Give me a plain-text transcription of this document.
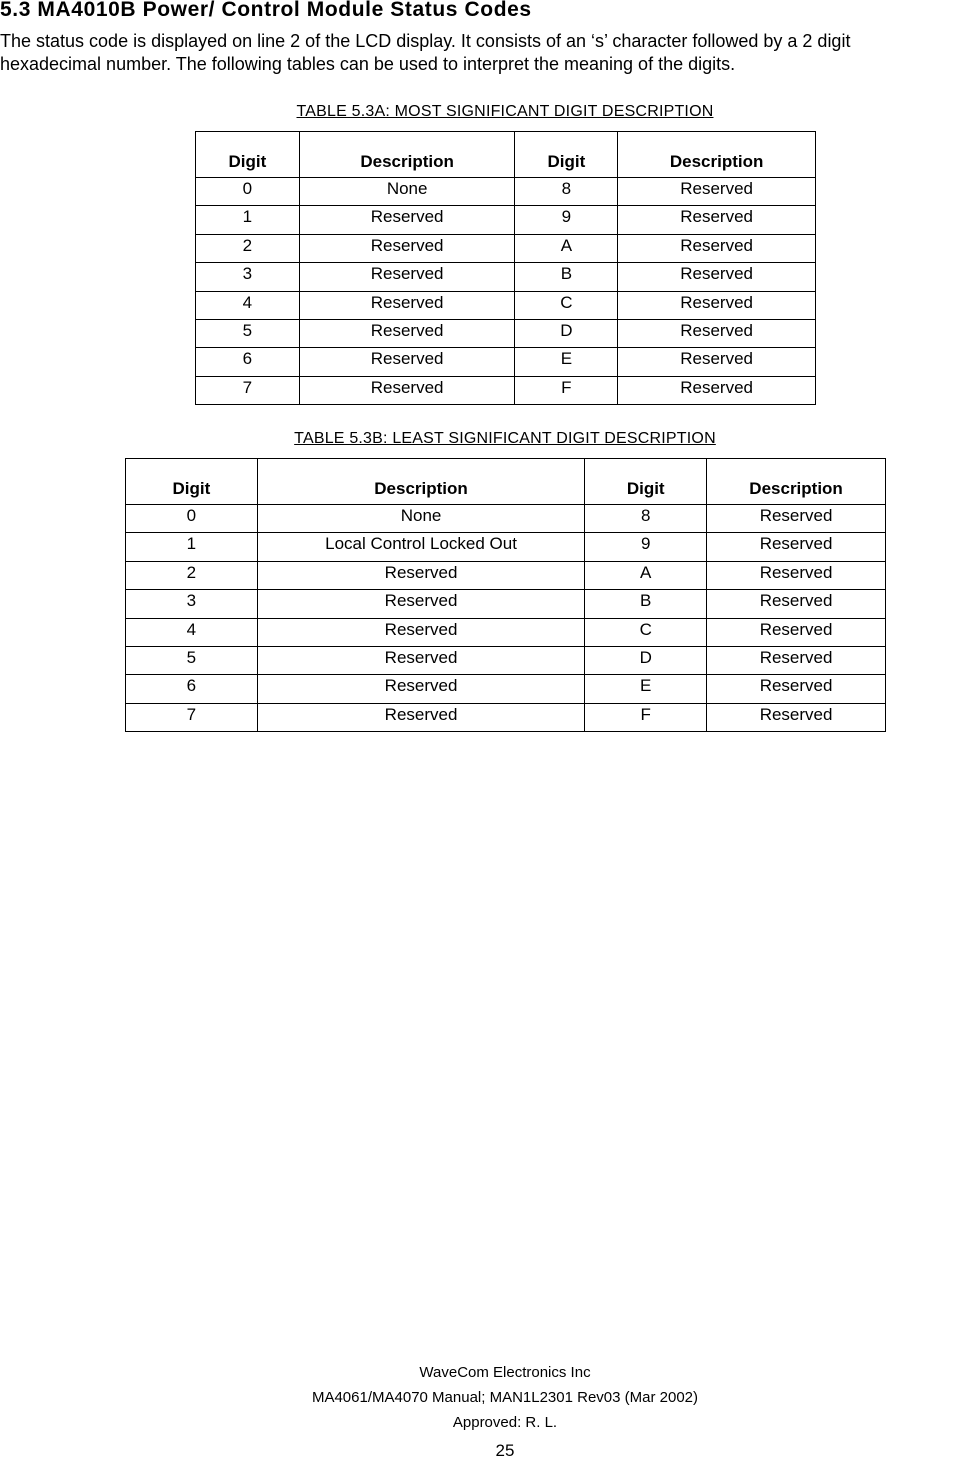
5.3 MA4010B Power/ Control Module Status Codes
The status code is displayed on line 2 of the LCD display. It consists of an ‘s’ character followed by a 2 digit
hexadecimal number. The following tables can be used to interpret the meaning of the digits.
TABLE 5.3A: MOST SIGNIFICANT DIGIT DESCRIPTION
Digit	Description	Digit	Description
0	None	8	Reserved
1	Reserved	9	Reserved
2	Reserved	A	Reserved
3	Reserved	B	Reserved
4	Reserved	C	Reserved
5	Reserved	D	Reserved
6	Reserved	E	Reserved
7	Reserved	F	Reserved
TABLE 5.3B: LEAST SIGNIFICANT DIGIT DESCRIPTION
Digit	Description	Digit	Description
0	None	8	Reserved
1	Local Control Locked Out	9	Reserved
2	Reserved	A	Reserved
3	Reserved	B	Reserved
4	Reserved	C	Reserved
5	Reserved	D	Reserved
6	Reserved	E	Reserved
7	Reserved	F	Reserved
WaveCom Electronics Inc
MA4061/MA4070 Manual; MAN1L2301 Rev03 (Mar 2002)
Approved: R. L.
25
